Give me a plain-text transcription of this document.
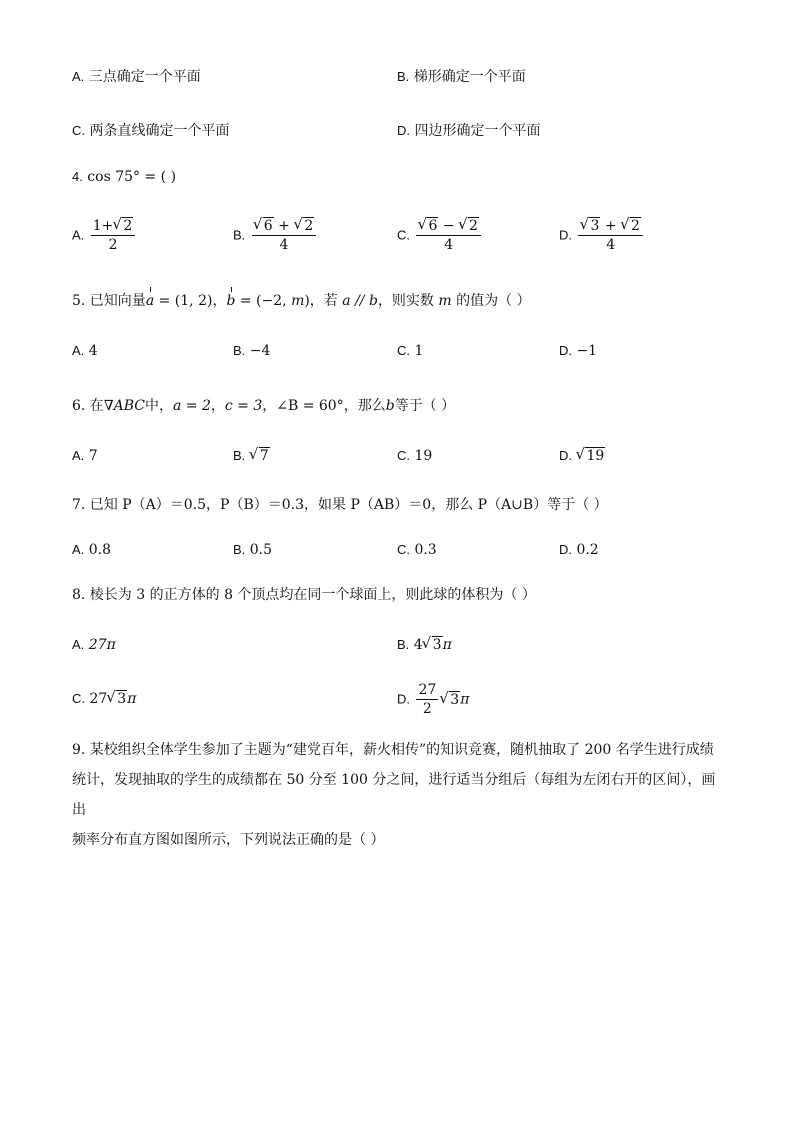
A. 三点确定一个平面	B. 梯形确定一个平面
C. 两条直线确定一个平面	D. 四边形确定一个平面
4. cos 75° = ( )
A. $\frac{1+ √ 2}{2}$	B. √ $\frac{6 + √ 2}{4}$	C. √ $\frac{6 - √ 2}{4}$	D. √ $\frac{3 + √ 2}{4}$
5. 已知向量a = (1, 2)，b = (−2, m)，若 a // b，则实数 m 的值为（ ）
A. 4	B. −4	C. 1	D. −1
6. 在∇ABC中，a = 2，c = 3，∠B = 60°，那么b等于（ ）
A. 7	B. √ 7	C. 19	D. √ 19
7. 已知 P（A）＝0.5，P（B）＝0.3，如果 P（AB）＝0，那么 P（A∪B）等于（ ）
A. 0.8	B. 0.5	C. 0.3	D. 0.2
8. 棱长为 3 的正方体的 8 个顶点均在同一个球面上，则此球的体积为（ ）
A. 27π	B. 4 √ 3π
C. 27 √ 3π	D. $\frac{27}{2}$ √ 3π
9. 某校组织全体学生参加了主题为“建党百年，薪火相传”的知识竞赛，随机抽取了 200 名学生进行成绩
统计，发现抽取的学生的成绩都在 50 分至 100 分之间，进行适当分组后（每组为左闭右开的区间），画出
频率分布直方图如图所示，下列说法正确的是（ ）
